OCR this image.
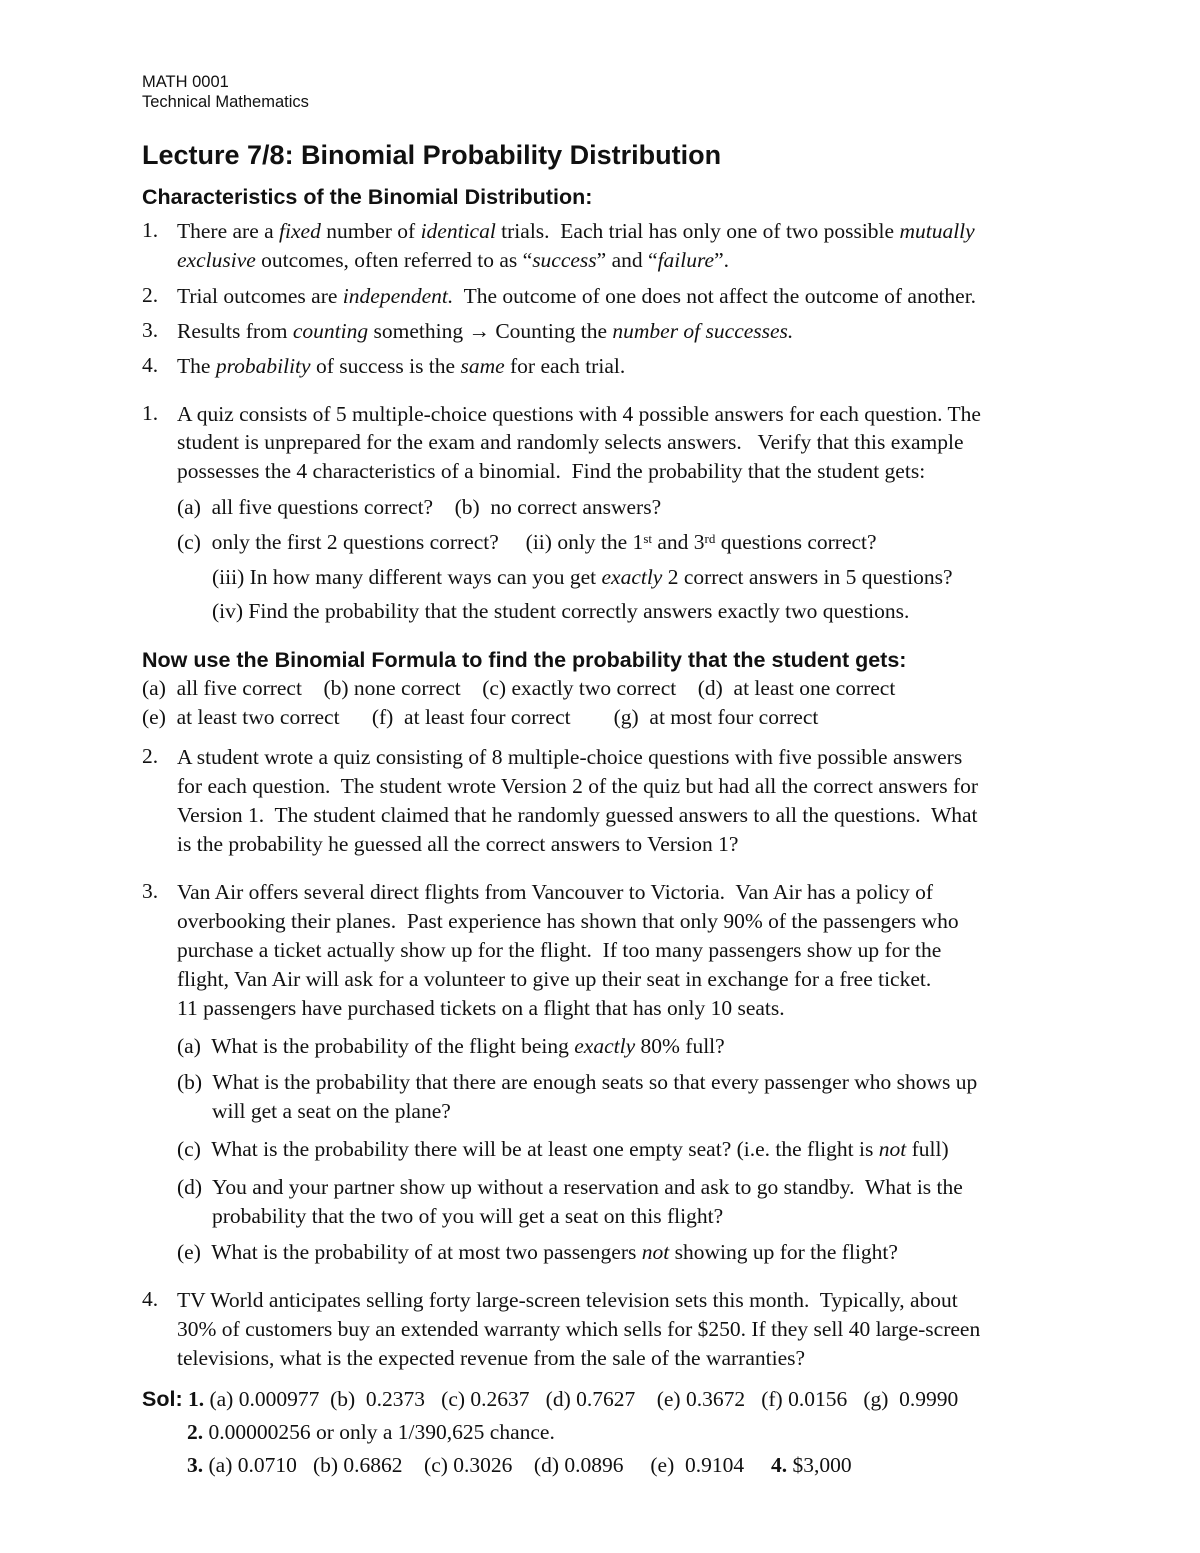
MATH 0001
Technical Mathematics
Lecture 7/8: Binomial Probability Distribution
Characteristics of the Binomial Distribution:
1. There are a fixed number of identical trials.  Each trial has only one of two possible mutually
exclusive outcomes, often referred to as “success” and “failure”.
2. Trial outcomes are independent.  The outcome of one does not affect the outcome of another.
3. Results from counting something → Counting the number of successes.
4. The probability of success is the same for each trial.
1. A quiz consists of 5 multiple-choice questions with 4 possible answers for each question. The
student is unprepared for the exam and randomly selects answers.   Verify that this example
possesses the 4 characteristics of a binomial.  Find the probability that the student gets:
(a)  all five questions correct?    (b)  no correct answers?
(c)  only the first 2 questions correct?     (ii) only the 1st and 3rd questions correct?
(iii) In how many different ways can you get exactly 2 correct answers in 5 questions?
(iv) Find the probability that the student correctly answers exactly two questions.
Now use the Binomial Formula to find the probability that the student gets:
(a)  all five correct    (b) none correct    (c) exactly two correct    (d)  at least one correct
(e)  at least two correct      (f)  at least four correct        (g)  at most four correct
2. A student wrote a quiz consisting of 8 multiple-choice questions with five possible answers
for each question.  The student wrote Version 2 of the quiz but had all the correct answers for
Version 1.  The student claimed that he randomly guessed answers to all the questions.  What
is the probability he guessed all the correct answers to Version 1?
3. Van Air offers several direct flights from Vancouver to Victoria.  Van Air has a policy of
overbooking their planes.  Past experience has shown that only 90% of the passengers who
purchase a ticket actually show up for the flight.  If too many passengers show up for the
flight, Van Air will ask for a volunteer to give up their seat in exchange for a free ticket.
11 passengers have purchased tickets on a flight that has only 10 seats.
(a)  What is the probability of the flight being exactly 80% full?
(b)  What is the probability that there are enough seats so that every passenger who shows up
will get a seat on the plane?
(c)  What is the probability there will be at least one empty seat? (i.e. the flight is not full)
(d)  You and your partner show up without a reservation and ask to go standby.  What is the
probability that the two of you will get a seat on this flight?
(e)  What is the probability of at most two passengers not showing up for the flight?
4. TV World anticipates selling forty large-screen television sets this month.  Typically, about
30% of customers buy an extended warranty which sells for $250. If they sell 40 large-screen
televisions, what is the expected revenue from the sale of the warranties?
Sol: 1. (a) 0.000977  (b)  0.2373   (c) 0.2637   (d) 0.7627    (e) 0.3672   (f) 0.0156   (g)  0.9990
2. 0.00000256 or only a 1/390,625 chance.
3. (a) 0.0710   (b) 0.6862    (c) 0.3026    (d) 0.0896     (e)  0.9104     4. $3,000
